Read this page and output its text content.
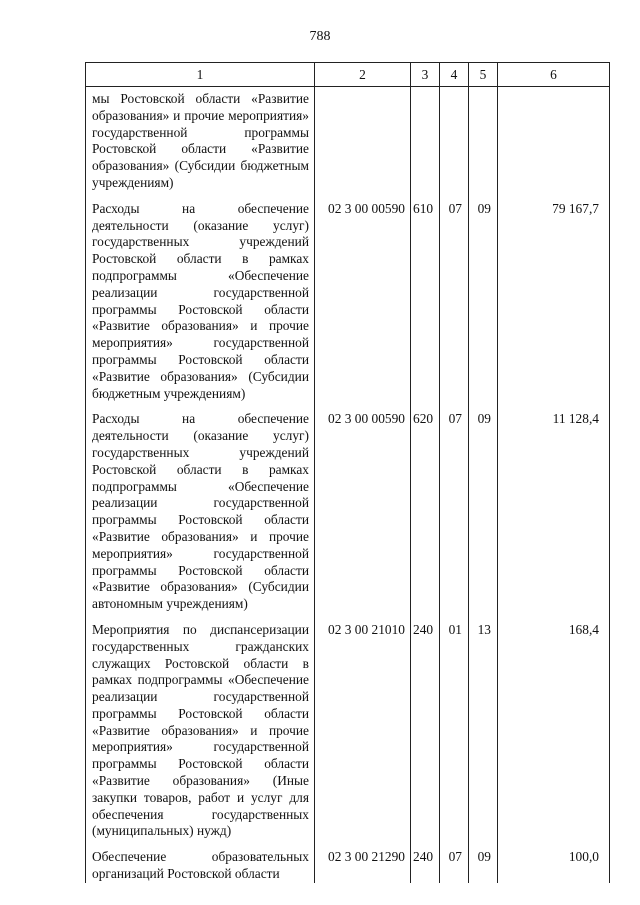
788
1	2	3	4	5	6
мы Ростовской области «Развитие образования» и прочие мероприятия» государственной программы Ростовской области «Развитие образования» (Субсидии бюджетным учреждениям)					

Расходы на обеспечение деятельности (оказание услуг) государственных учреждений Ростовской области в рамках подпрограммы «Обеспечение реализации государственной программы Ростовской области «Развитие образования» и прочие мероприятия» государственной программы Ростовской области «Развитие образования» (Субсидии бюджетным учреждениям)	02 3 00 00590	610	07	09	79 167,7

Расходы на обеспечение деятельности (оказание услуг) государственных учреждений Ростовской области в рамках подпрограммы «Обеспечение реализации государственной программы Ростовской области «Развитие образования» и прочие мероприятия» государственной программы Ростовской области «Развитие образования» (Субсидии автономным учреждениям)	02 3 00 00590	620	07	09	11 128,4

Мероприятия по диспансеризации государственных гражданских служащих Ростовской области в рамках подпрограммы «Обеспечение реализации государственной программы Ростовской области «Развитие образования» и прочие мероприятия» государственной программы Ростовской области «Развитие образования» (Иные закупки товаров, работ и услуг для обеспечения государственных (муниципальных) нужд)	02 3 00 21010	240	01	13	168,4

Обеспечение образовательных организаций Ростовской области	02 3 00 21290	240	07	09	100,0
